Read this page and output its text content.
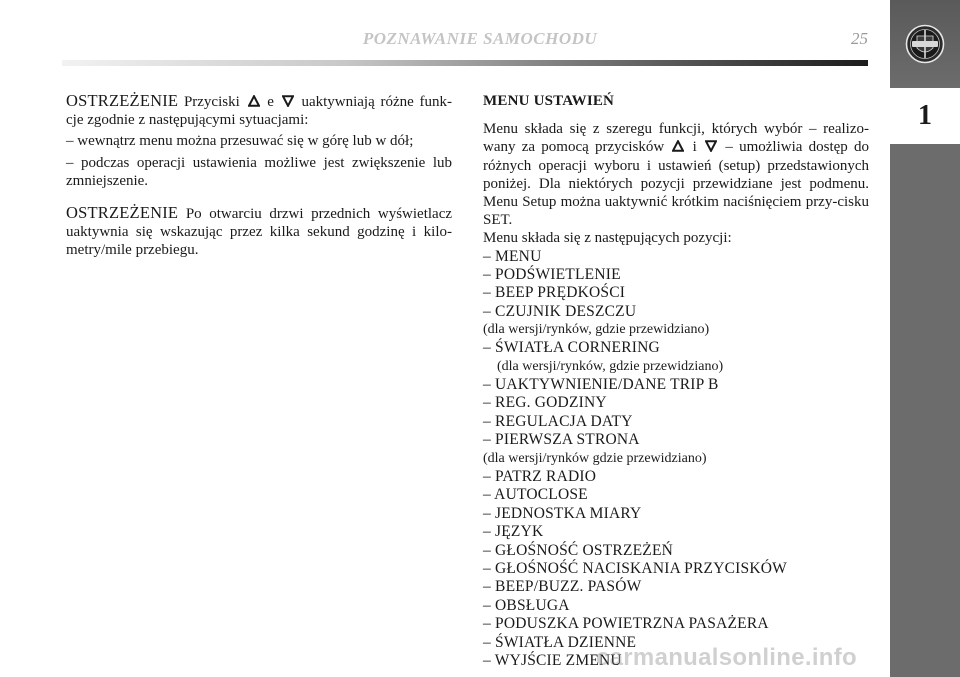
POZNAWANIE SAMOCHODU	25
1

OSTRZEŻENIE Przyciski e uaktywniają różne funk-cje zgodnie z następującymi sytuacjami:

– wewnątrz menu można przesuwać się w górę lub w dół;

– podczas operacji ustawienia możliwe jest zwiększenie lub zmniejszenie.

OSTRZEŻENIE Po otwarciu drzwi przednich wyświetlacz uaktywnia się wskazując przez kilka sekund godzinę i kilo-metry/mile przebiegu.

MENU USTAWIEŃ

Menu składa się z szeregu funkcji, których wybór – realizo-wany za pomocą przycisków i – umożliwia dostęp do różnych operacji wyboru i ustawień (setup) przedstawionych poniżej. Dla niektórych pozycji przewidziane jest podmenu. Menu Setup można uaktywnić krótkim naciśnięciem przy-cisku SET.

Menu składa się z następujących pozycji:

– MENU

– PODŚWIETLENIE

– BEEP PRĘDKOŚCI

– CZUJNIK DESZCZU

(dla wersji/rynków, gdzie przewidziano)

– ŚWIATŁA CORNERING

(dla wersji/rynków, gdzie przewidziano)

– UAKTYWNIENIE/DANE TRIP B

– REG. GODZINY

– REGULACJA DATY

– PIERWSZA STRONA

(dla wersji/rynków gdzie przewidziano)

– PATRZ RADIO

– AUTOCLOSE

– JEDNOSTKA MIARY

– JĘZYK

– GŁOŚNOŚĆ OSTRZEŻEŃ

– GŁOŚNOŚĆ NACISKANIA PRZYCISKÓW

– BEEP/BUZZ. PASÓW

– OBSŁUGA

– PODUSZKA POWIETRZNA PASAŻERA

– ŚWIATŁA DZIENNE

– WYJŚCIE ZMENU

carmanualsonline.info
